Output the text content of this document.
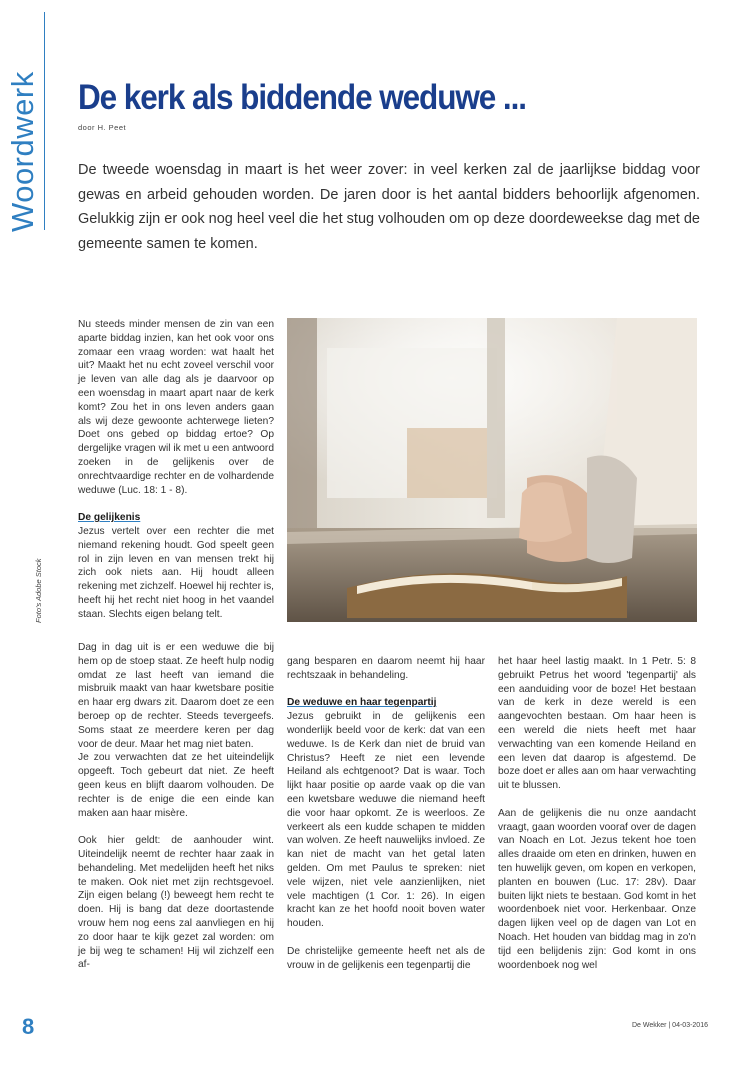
Woordwerk De kerk als biddende weduwe ...
door H. Peet

De tweede woensdag in maart is het weer zover: in veel kerken zal de jaarlijkse biddag voor gewas en arbeid gehouden worden. De jaren door is het aantal bidders behoorlijk afgenomen. Gelukkig zijn er ook nog heel veel die het stug volhouden om op deze doordeweekse dag met de gemeente samen te komen.

Nu steeds minder mensen de zin van een aparte biddag inzien, kan het ook voor ons zomaar een vraag worden: wat haalt het uit? Maakt het nu echt zoveel verschil voor je leven van alle dag als je daarvoor op een woensdag in maart apart naar de kerk komt? Zou het in ons leven anders gaan als wij deze gewoonte achterwege lieten? Doet ons gebed op biddag ertoe? Op dergelijke vragen wil ik met u een antwoord zoeken in de gelijkenis over de onrechtvaardige rechter en de volhardende weduwe (Luc. 18: 1 - 8).

De gelijkenis

Jezus vertelt over een rechter die met niemand rekening houdt. God speelt geen rol in zijn leven en van mensen trekt hij zich ook niets aan. Hij houdt alleen rekening met zichzelf. Hoewel hij rechter is, heeft hij het recht niet hoog in het vaandel staan. Slechts eigen belang telt.

Foto's Adobe Stock

Dag in dag uit is er een weduwe die bij hem op de stoep staat. Ze heeft hulp nodig omdat ze last heeft van iemand die misbruik maakt van haar kwetsbare positie en haar erg dwars zit. Daarom doet ze een beroep op de rechter. Steeds tevergeefs. Soms staat ze meerdere keren per dag voor de deur. Maar het mag niet baten.

Je zou verwachten dat ze het uiteindelijk opgeeft. Toch gebeurt dat niet. Ze heeft geen keus en blijft daarom volhouden. De rechter is de enige die een einde kan maken aan haar misère.

Ook hier geldt: de aanhouder wint. Uiteindelijk neemt de rechter haar zaak in behandeling. Met medelijden heeft het niks te maken. Ook niet met zijn rechtsgevoel. Zijn eigen belang (!) beweegt hem recht te doen. Hij is bang dat deze doortastende vrouw hem nog eens zal aanvliegen en hij zo door haar te kijk gezet zal worden: om je bij weg te schamen! Hij wil zichzelf een af-

gang besparen en daarom neemt hij haar rechtszaak in behandeling.

De weduwe en haar tegenpartij

Jezus gebruikt in de gelijkenis een wonderlijk beeld voor de kerk: dat van een weduwe. Is de Kerk dan niet de bruid van Christus? Heeft ze niet een levende Heiland als echtgenoot? Dat is waar. Toch lijkt haar positie op aarde vaak op die van een kwetsbare weduwe die niemand heeft die voor haar opkomt. Ze is weerloos. Ze verkeert als een kudde schapen te midden van wolven. Ze heeft nauwelijks invloed. Ze kan niet de macht van het getal laten gelden. Om met Paulus te spreken: niet vele wijzen, niet vele aanzienlijken, niet vele machtigen (1 Cor. 1: 26). In eigen kracht kan ze het hoofd nooit boven water houden.

De christelijke gemeente heeft net als de vrouw in de gelijkenis een tegenpartij die

het haar heel lastig maakt. In 1 Petr. 5: 8 gebruikt Petrus het woord 'tegenpartij' als een aanduiding voor de boze! Het bestaan van de kerk in deze wereld is een aangevochten bestaan. Om haar heen is een wereld die niets heeft met haar verwachting van een komende Heiland en een leven dat daarop is afgestemd. De boze doet er alles aan om haar verwachting uit te blussen.

Aan de gelijkenis die nu onze aandacht vraagt, gaan woorden vooraf over de dagen van Noach en Lot. Jezus tekent hoe toen alles draaide om eten en drinken, huwen en ten huwelijk geven, om kopen en verkopen, planten en bouwen (Luc. 17: 28v). Daar buiten lijkt niets te bestaan. God komt in het woordenboek niet voor. Herkenbaar. Onze dagen lijken veel op de dagen van Lot en Noach. Het houden van biddag mag in zo'n tijd een belijdenis zijn: God komt in ons woordenboek nog wel

8	De Wekker | 04-03-2016
